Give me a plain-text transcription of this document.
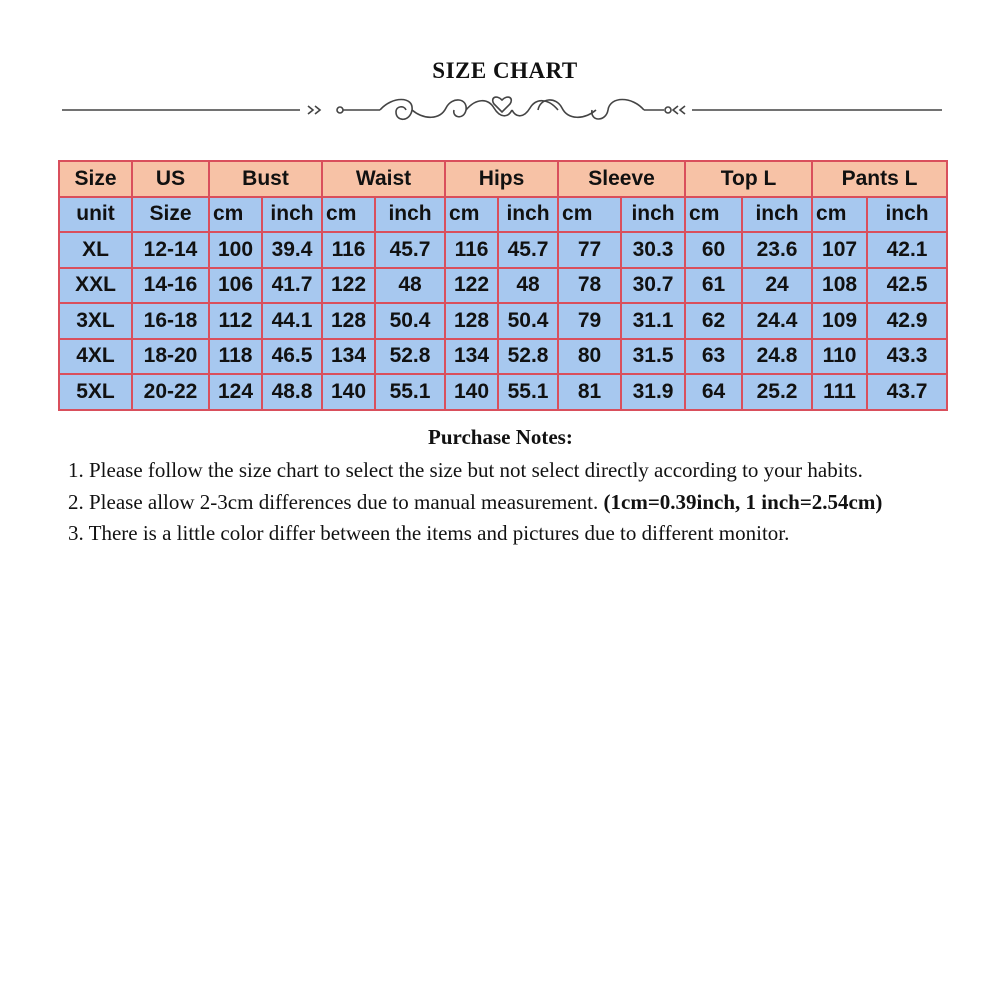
SIZE CHART
Size	US	Bust		Waist		Hips		Sleeve		Top L		Pants L	
unit	Size	cm	inch	cm	inch	cm	inch	cm	inch	cm	inch	cm	inch
XL	12-14	100	39.4	116	45.7	116	45.7	77	30.3	60	23.6	107	42.1
XXL	14-16	106	41.7	122	48	122	48	78	30.7	61	24	108	42.5
3XL	16-18	112	44.1	128	50.4	128	50.4	79	31.1	62	24.4	109	42.9
4XL	18-20	118	46.5	134	52.8	134	52.8	80	31.5	63	24.8	110	43.3
5XL	20-22	124	48.8	140	55.1	140	55.1	81	31.9	64	25.2	111	43.7
Purchase Notes:

1. Please follow the size chart to select the size but not select directly according to your habits.

2. Please allow 2-3cm differences due to manual measurement. (1cm=0.39inch, 1 inch=2.54cm)

3. There is a little color differ between the items and pictures due to different monitor.
